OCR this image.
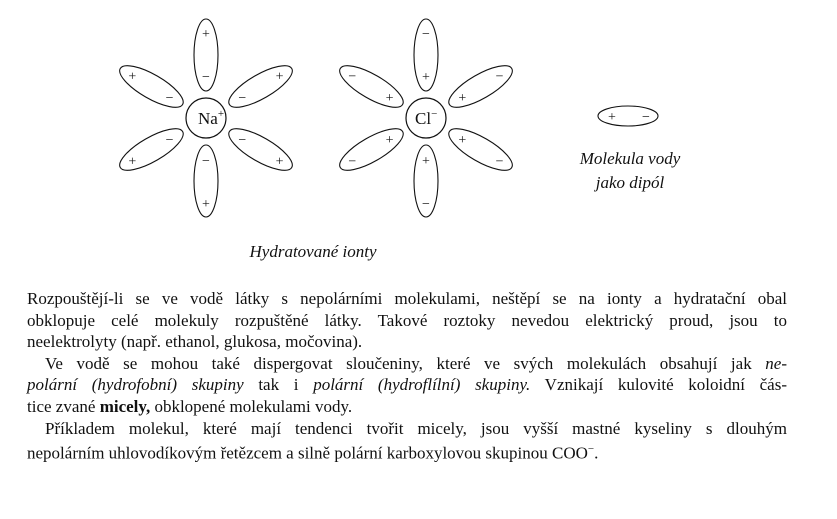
−
+
−
+
−
+
−
+
−
+
−
+	+
−
+
−
+
−
+
−
+
−
+
−
+ −
Na+	Cl−
Hydratované ionty
Molekula vody
jako dipól

Rozpouštějí-li se ve vodě látky s nepolárními molekulami, neštěpí se na ionty a hydratační obal
obklopuje celé molekuly rozpuštěné látky. Takové roztoky nevedou elektrický proud, jsou to
neelektrolyty (např. ethanol, glukosa, močovina).

Ve vodě se mohou také dispergovat sloučeniny, které ve svých molekulách obsahují jak ne-
polární (hydrofobní) skupiny tak i polární (hydroflílní) skupiny. Vznikají kulovité koloidní čás-
tice zvané micely, obklopené molekulami vody.

Příkladem molekul, které mají tendenci tvořit micely, jsou vyšší mastné kyseliny s dlouhým
nepolárním uhlovodíkovým řetězcem a silně polární karboxylovou skupinou COO−.
